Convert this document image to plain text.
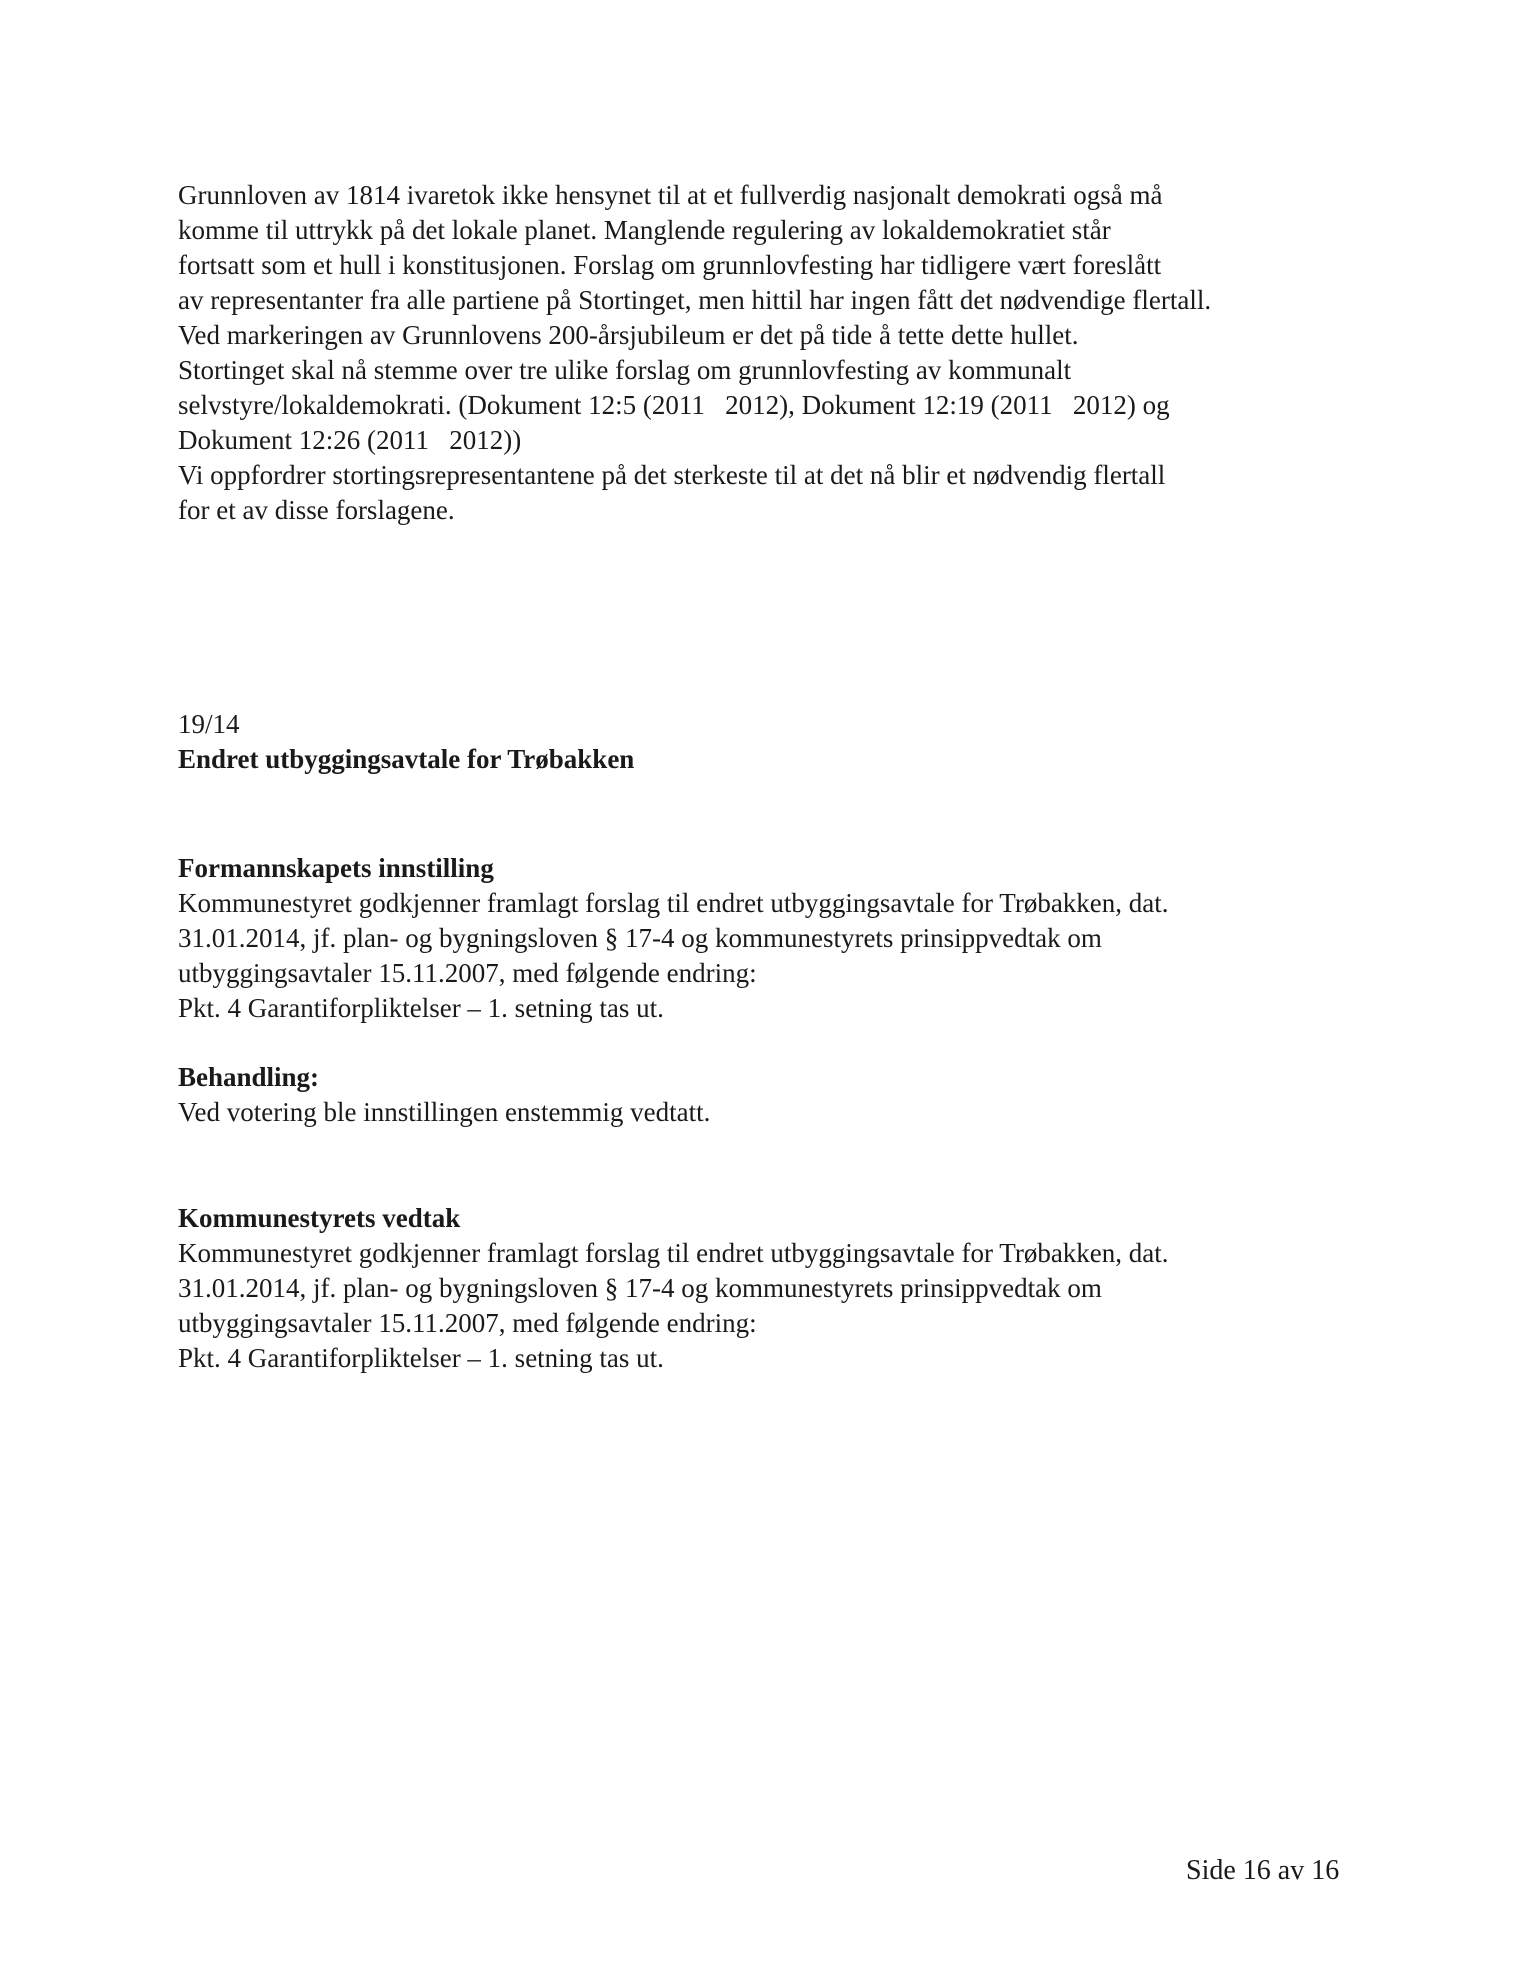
Grunnloven av 1814 ivaretok ikke hensynet til at et fullverdig nasjonalt demokrati også må
komme til uttrykk på det lokale planet. Manglende regulering av lokaldemokratiet står
fortsatt som et hull i konstitusjonen. Forslag om grunnlovfesting har tidligere vært foreslått
av representanter fra alle partiene på Stortinget, men hittil har ingen fått det nødvendige flertall.
Ved markeringen av Grunnlovens 200-årsjubileum er det på tide å tette dette hullet.
Stortinget skal nå stemme over tre ulike forslag om grunnlovfesting av kommunalt
selvstyre/lokaldemokrati. (Dokument 12:5 (2011   2012), Dokument 12:19 (2011   2012) og
Dokument 12:26 (2011   2012))
Vi oppfordrer stortingsrepresentantene på det sterkeste til at det nå blir et nødvendig flertall
for et av disse forslagene.
19/14
Endret utbyggingsavtale for Trøbakken
Formannskapets innstilling
Kommunestyret godkjenner framlagt forslag til endret utbyggingsavtale for Trøbakken, dat.
31.01.2014, jf. plan- og bygningsloven § 17-4 og kommunestyrets prinsippvedtak om
utbyggingsavtaler 15.11.2007, med følgende endring:
Pkt. 4 Garantiforpliktelser – 1. setning tas ut.
Behandling:
Ved votering ble innstillingen enstemmig vedtatt.
Kommunestyrets vedtak
Kommunestyret godkjenner framlagt forslag til endret utbyggingsavtale for Trøbakken, dat.
31.01.2014, jf. plan- og bygningsloven § 17-4 og kommunestyrets prinsippvedtak om
utbyggingsavtaler 15.11.2007, med følgende endring:
Pkt. 4 Garantiforpliktelser – 1. setning tas ut.
Side 16 av 16
